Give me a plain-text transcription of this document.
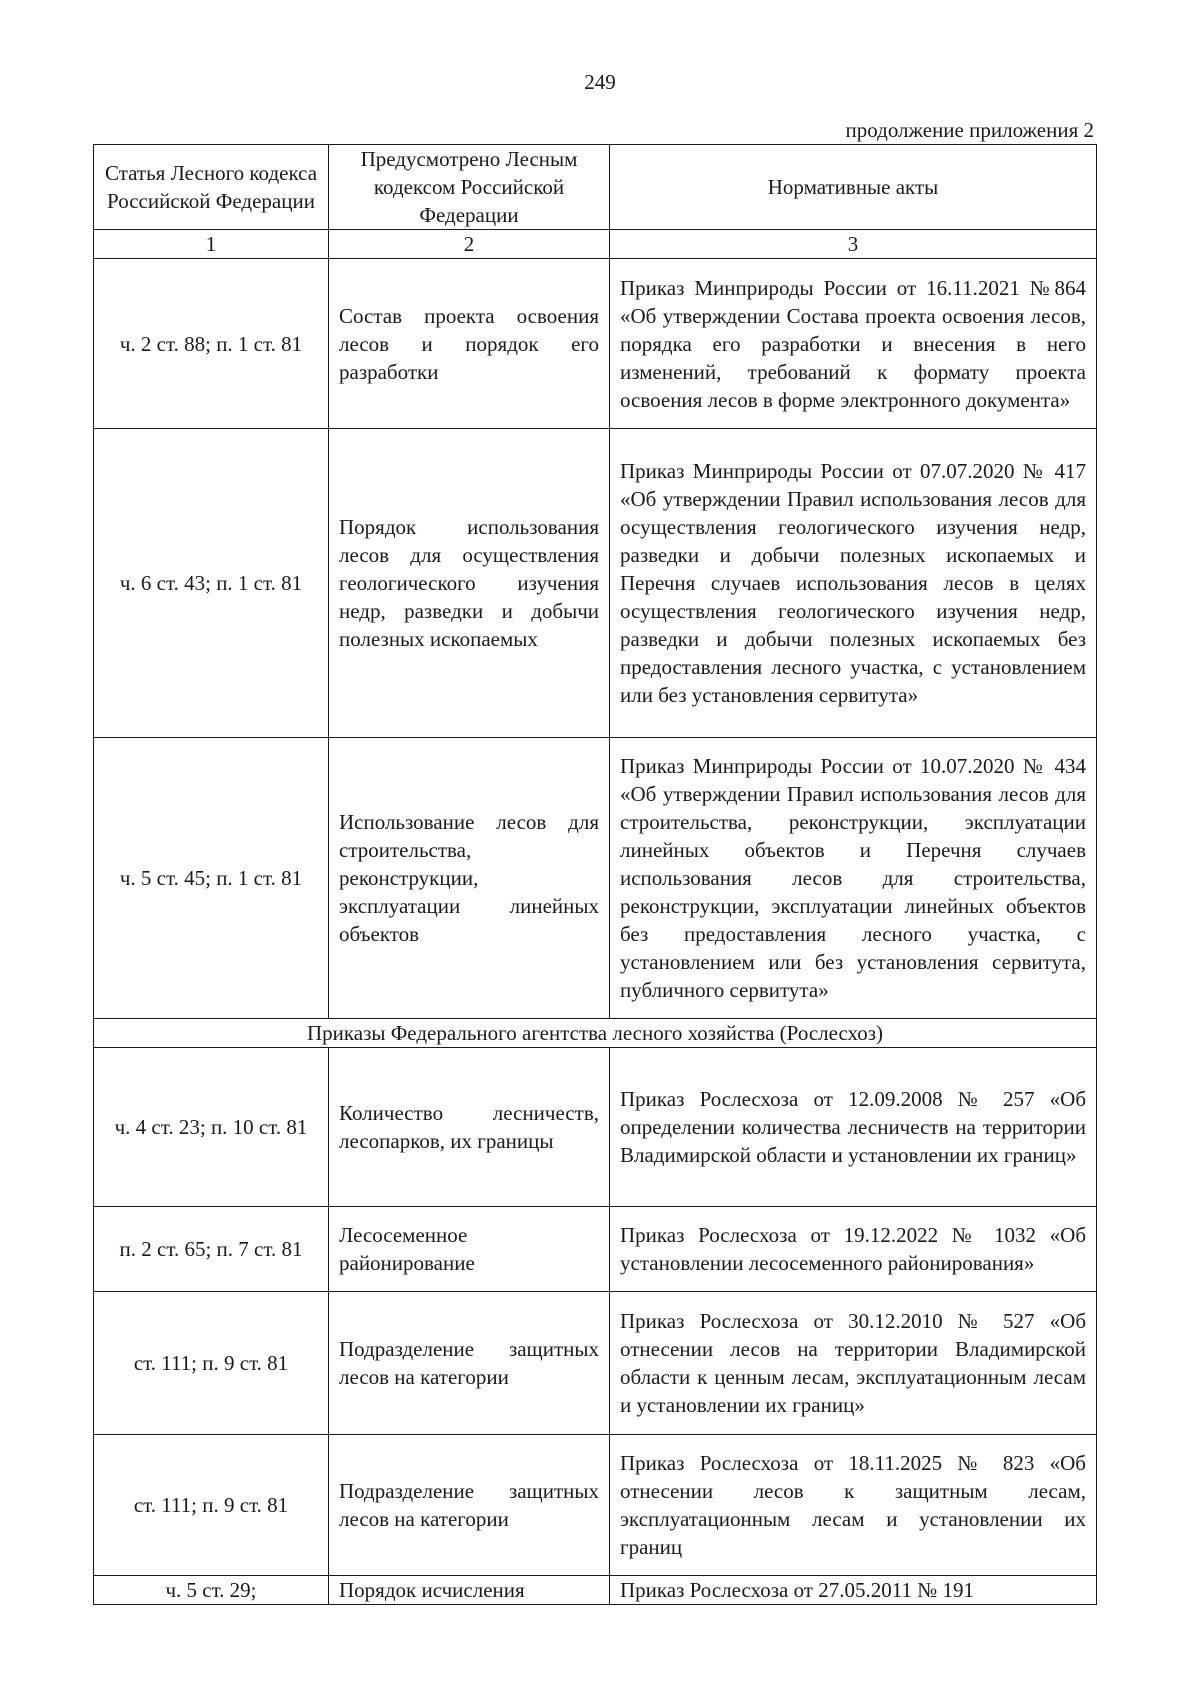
249
продолжение приложения 2
Статья Лесного кодекса Российской Федерации	Предусмотрено Лесным кодексом Российской Федерации	Нормативные акты
1	2	3
ч. 2 ст. 88; п. 1 ст. 81	Состав проекта освоения лесов и порядок его разработки	Приказ Минприроды России от 16.11.2021 №864 «Об утверждении Состава проекта освоения лесов, порядка его разработки и внесения в него изменений, требований к формату проекта освоения лесов в форме электронного документа»
ч. 6 ст. 43; п. 1 ст. 81	Порядок использования лесов для осуществления геологического изучения недр, разведки и добычи полезных ископаемых	Приказ Минприроды России от 07.07.2020 № 417 «Об утверждении Правил использования лесов для осуществления геологического изучения недр, разведки и добычи полезных ископаемых и Перечня случаев использования лесов в целях осуществления геологического изучения недр, разведки и добычи полезных ископаемых без предоставления лесного участка, с установлением или без установления сервитута»
ч. 5 ст. 45; п. 1 ст. 81	Использование лесов для строительства, реконструкции, эксплуатации линейных объектов	Приказ Минприроды России от 10.07.2020 № 434 «Об утверждении Правил использования лесов для строительства, реконструкции, эксплуатации линейных объектов и Перечня случаев использования лесов для строительства, реконструкции, эксплуатации линейных объектов без предоставления лесного участка, с установлением или без установления сервитута, публичного сервитута»
Приказы Федерального агентства лесного хозяйства (Рослесхоз)		
ч. 4 ст. 23; п. 10 ст. 81	Количество лесничеств, лесопарков, их границы	Приказ Рослесхоза от 12.09.2008 № 257 «Об определении количества лесничеств на территории Владимирской области и установлении их границ»
п. 2 ст. 65; п. 7 ст. 81	Лесосеменное районирование	Приказ Рослесхоза от 19.12.2022 № 1032 «Об установлении лесосеменного районирования»
ст. 111; п. 9 ст. 81	Подразделение защитных лесов на категории	Приказ Рослесхоза от 30.12.2010 № 527 «Об отнесении лесов на территории Владимирской области к ценным лесам, эксплуатационным лесам и установлении их границ»
ст. 111; п. 9 ст. 81	Подразделение защитных лесов на категории	Приказ Рослесхоза от 18.11.2025 № 823 «Об отнесении лесов к защитным лесам, эксплуатационным лесам и установлении их границ
ч. 5 ст. 29;	Порядок исчисления	Приказ Рослесхоза от 27.05.2011 № 191
